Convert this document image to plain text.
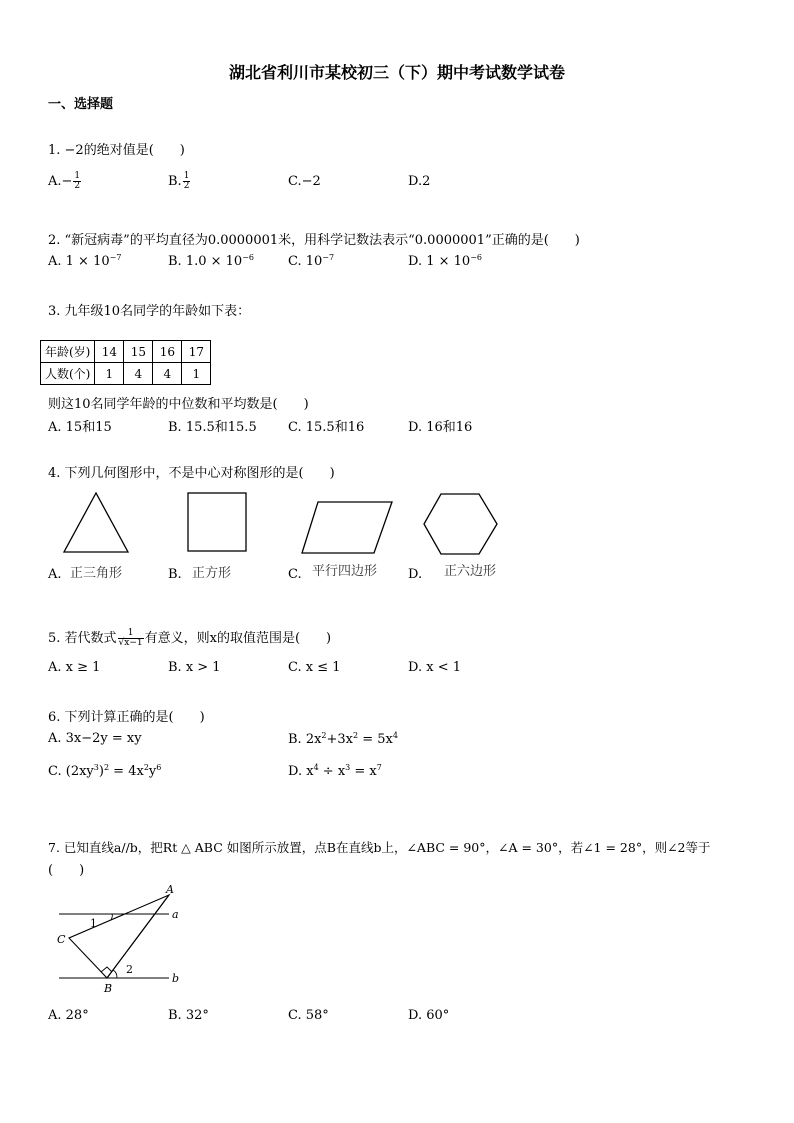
湖北省利川市某校初三（下）期中考试数学试卷
一、选择题
1. −2的绝对值是(　　)
$A.- \frac{1}{2}$	B. $\frac{1}{2}$	C.−2	D.2
2. “新冠病毒”的平均直径为0.0000001米，用科学记数法表示“0.0000001”正确的是(　　)
A. $1 \times 10^{-7}$	B. $1.0 \times 10^{-6}$	C. $10^{-7}$	D. $1 \times 10^{-6}$
3. 九年级10名同学的年龄如下表：
年龄(岁)	14	15	16	17
人数(个)	1	4	4	1
则这10名同学年龄的中位数和平均数是(　　)
A. 15和15	B. 15.5和15.5 C. 15.5和16	D. 16和16
4. 下列几何图形中，不是中心对称图形的是(　　)
A. 正三角形	B. 正方形	C. 平行四边形 D. 正六边形
5. 若代数式 $\frac{1}{√x-1}$ 有意义，则x的取值范围是(　　)
A. x ≥ 1	B. x > 1	C. x ≤ 1	D. x < 1
6. 下列计算正确的是(　　)
A. 3x−2y = xy	B. $2x^2+3x^2 = 5x^4$
C. $(2xy^3)^2 = 4x^2y^6$	D. $x^4 \div x^3 = x^7$
7. 已知直线a//b，把Rt △ ABC 如图所示放置，点B在直线b上，∠ABC = 90°，∠A = 30°，若∠1 = 28°，则∠2等于
(　　)
A
C
B
a
b
1
2
A. 28°	B. 32°	C. 58°	D. 60°
